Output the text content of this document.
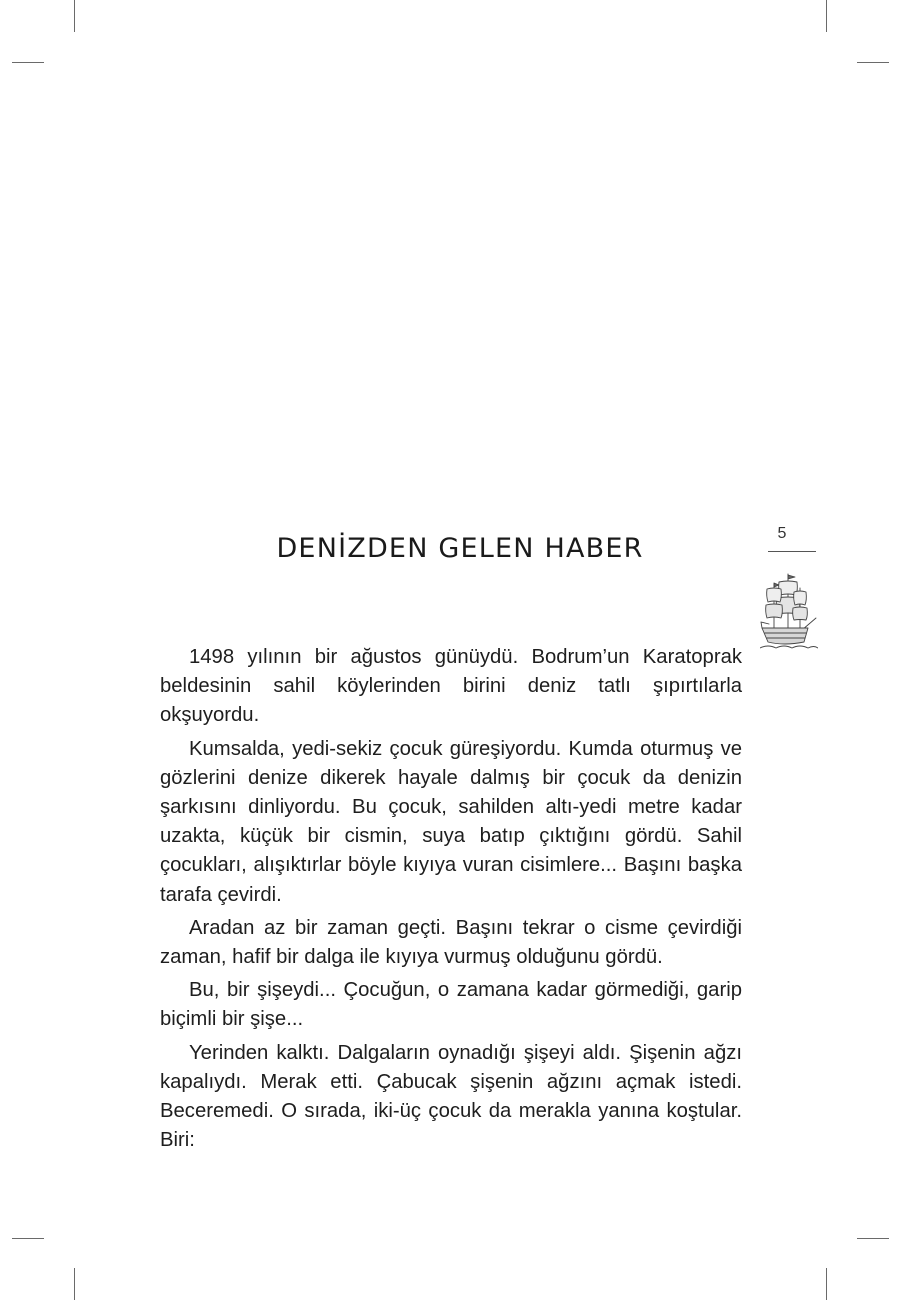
DENİZDEN GELEN HABER	5

1498 yılının bir ağustos günüydü. Bodrum’un Karatoprak beldesinin sahil köylerinden birini deniz tatlı şıpırtılarla okşuyordu.

Kumsalda, yedi-sekiz çocuk güreşiyordu. Kumda oturmuş ve gözlerini denize dikerek hayale dalmış bir çocuk da denizin şarkısını dinliyordu. Bu çocuk, sahilden altı-yedi metre kadar uzakta, küçük bir cismin, suya batıp çıktığını gördü. Sahil çocukları, alışıktırlar böyle kıyıya vuran cisimlere... Başını başka tarafa çevirdi.

Aradan az bir zaman geçti. Başını tekrar o cisme çevirdiği zaman, hafif bir dalga ile kıyıya vurmuş olduğunu gördü.

Bu, bir şişeydi... Çocuğun, o zamana kadar görmediği, garip biçimli bir şişe...

Yerinden kalktı. Dalgaların oynadığı şişeyi aldı. Şişenin ağzı kapalıydı. Merak etti. Çabucak şişenin ağzını açmak istedi. Beceremedi. O sırada, iki-üç çocuk da merakla yanına koştular. Biri:
